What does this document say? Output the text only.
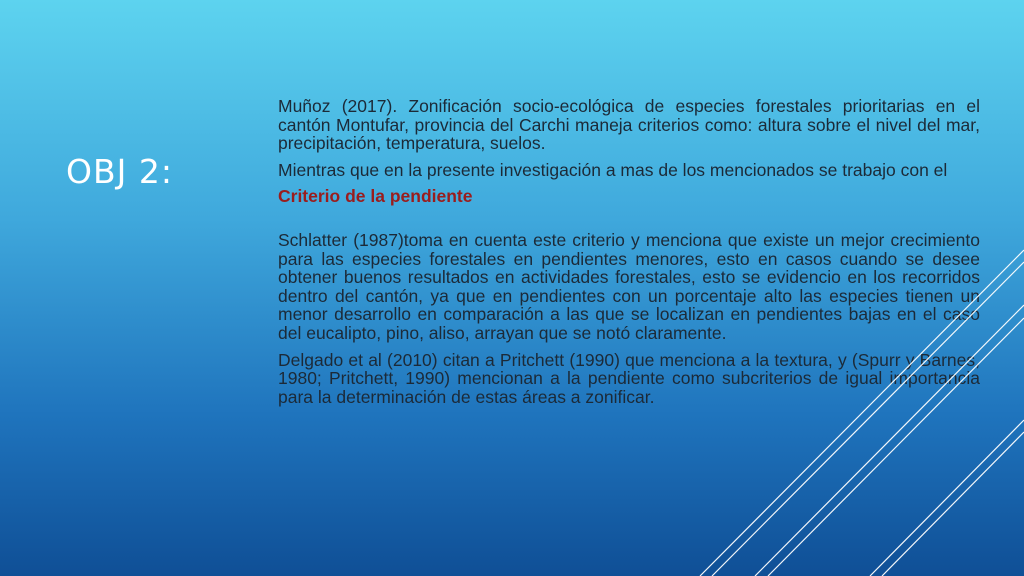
OBJ 2:

Muñoz (2017). Zonificación socio-ecológica de especies forestales prioritarias en el cantón Montufar, provincia del Carchi maneja criterios como: altura sobre el nivel del mar, precipitación, temperatura, suelos.

Mientras que en la presente investigación a mas de los mencionados se trabajo con el

Criterio de la pendiente

Schlatter (1987)toma en cuenta este criterio y menciona que existe un mejor crecimiento para las especies forestales en pendientes menores, esto en casos cuando se desee obtener buenos resultados en actividades forestales, esto se evidencio en los recorridos dentro del cantón, ya que en pendientes con un porcentaje alto las especies tienen un menor desarrollo en comparación a las que se localizan en pendientes bajas en el caso del eucalipto, pino, aliso, arrayan que se notó claramente.

Delgado et al (2010) citan a Pritchett (1990) que menciona a la textura, y (Spurr y Barnes, 1980; Pritchett, 1990) mencionan a la pendiente como subcriterios de igual importancia para la determinación de estas áreas a zonificar.
